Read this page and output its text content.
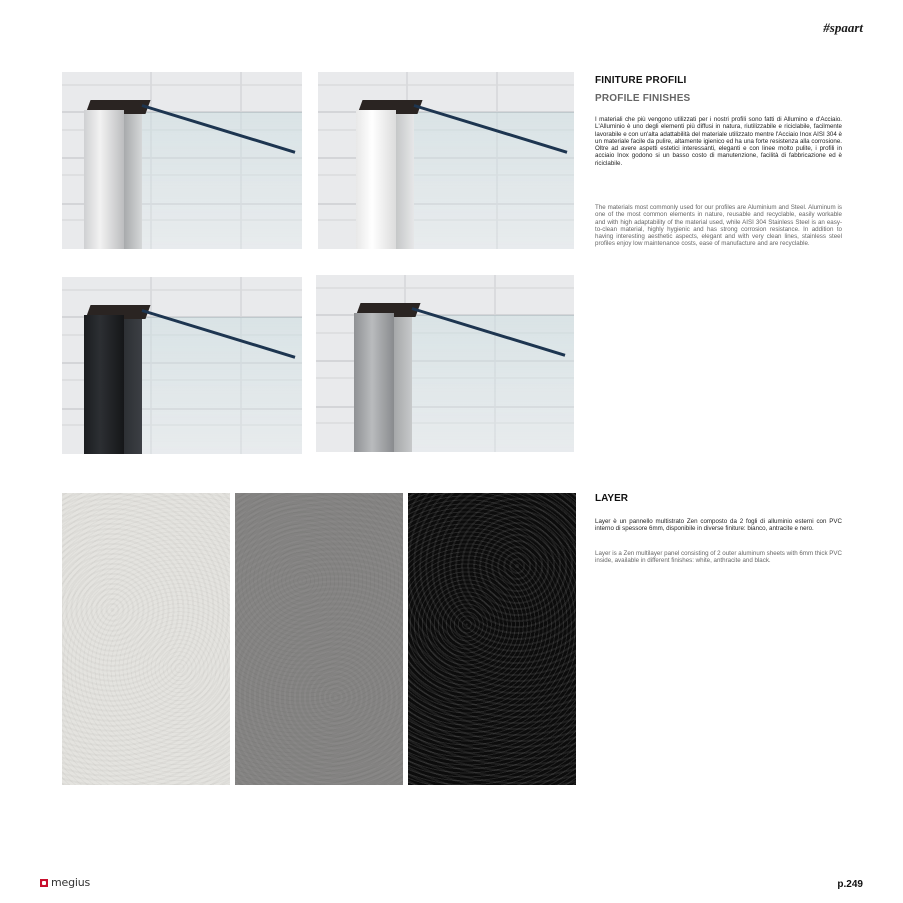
#spaart
FINITURE PROFILI
PROFILE FINISHES

I materiali che più vengono utilizzati per i nostri profili sono fatti di Allumino e d'Acciaio. L'Alluminio è uno degli elementi più diffusi in natura, riutilizzabile e riciclabile, facilmente lavorabile e con un'alta adattabilità del materiale utilizzato mentre l'Acciaio Inox AISI 304 è un materiale facile da pulire, altamente igienico ed ha una forte resistenza alla corrosione. Oltre ad avere aspetti estetici interessanti, eleganti e con linee molto pulite, i profili in acciaio Inox godono si un basso costo di manutenzione, facilità di fabbricazione ed è riciclabile.

The materials most commonly used for our profiles are Aluminium and Steel. Aluminum is one of the most common elements in nature, reusable and recyclable, easily workable and with high adaptability of the material used, while AISI 304 Stainless Steel is an easy-to-clean material, highly hygienic and has strong corrosion resistance. In addition to having interesting aesthetic aspects, elegant and with very clean lines, stainless steel profiles enjoy low maintenance costs, ease of manufacture and are recyclable.

LAYER

Layer è un pannello multistrato Zen composto da 2 fogli di alluminio esterni con PVC interno di spessore 6mm, disponibile in diverse finiture: bianco, antracite e nero.

Layer is a Zen multilayer panel consisting of 2 outer aluminum sheets with 6mm thick PVC inside, available in different finishes: white, anthracite and black.

megius	p.249
